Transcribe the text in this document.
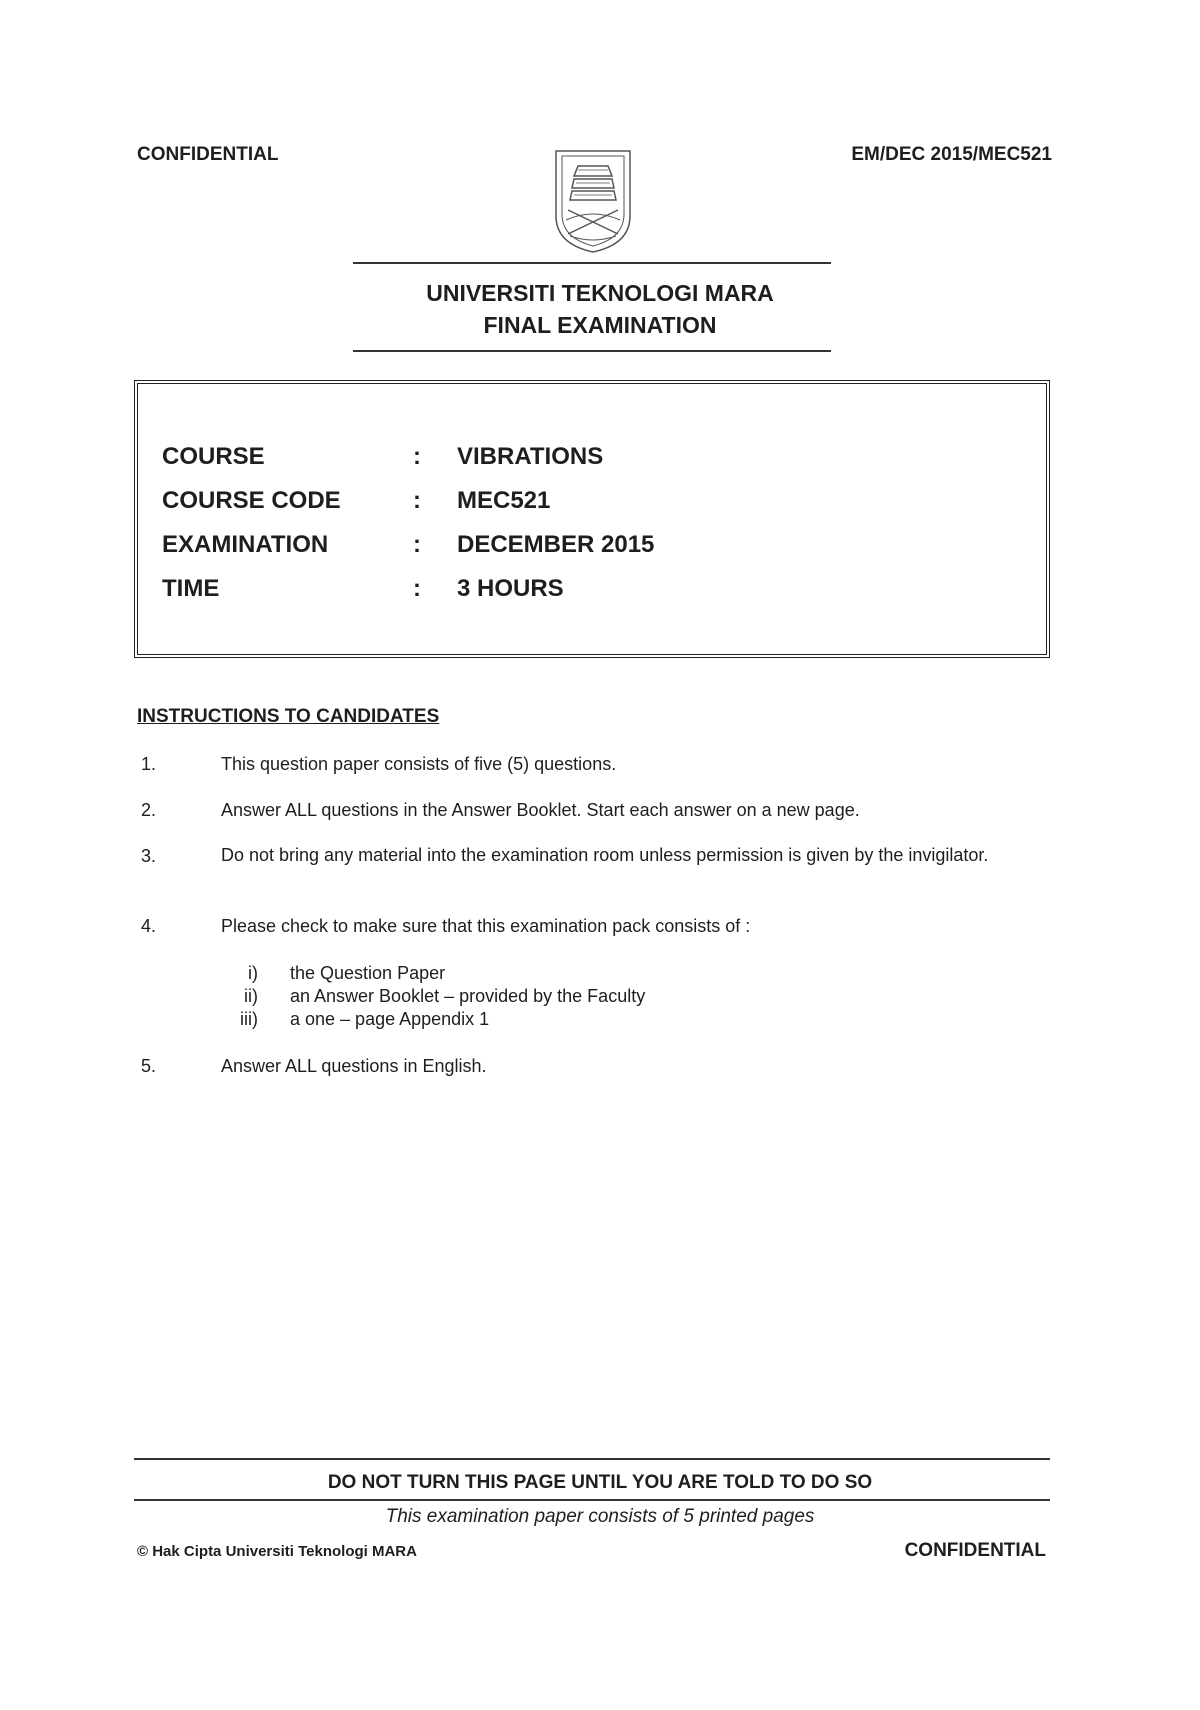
CONFIDENTIAL	EM/DEC 2015/MEC521
UNIVERSITI TEKNOLOGI MARA
FINAL EXAMINATION
COURSE	: VIBRATIONS
COURSE CODE	: MEC521
EXAMINATION	: DECEMBER 2015
TIME	: 3 HOURS
INSTRUCTIONS TO CANDIDATES
1.	This question paper consists of five (5) questions.
2.	Answer ALL questions in the Answer Booklet. Start each answer on a new page.
3.	Do not bring any material into the examination room unless permission is given by the invigilator.
4.	Please check to make sure that this examination pack consists of :
i) the Question Paper
ii) an Answer Booklet – provided by the Faculty
iii) a one – page Appendix 1
5.	Answer ALL questions in English.
DO NOT TURN THIS PAGE UNTIL YOU ARE TOLD TO DO SO
This examination paper consists of 5 printed pages
© Hak Cipta Universiti Teknologi MARA	CONFIDENTIAL
